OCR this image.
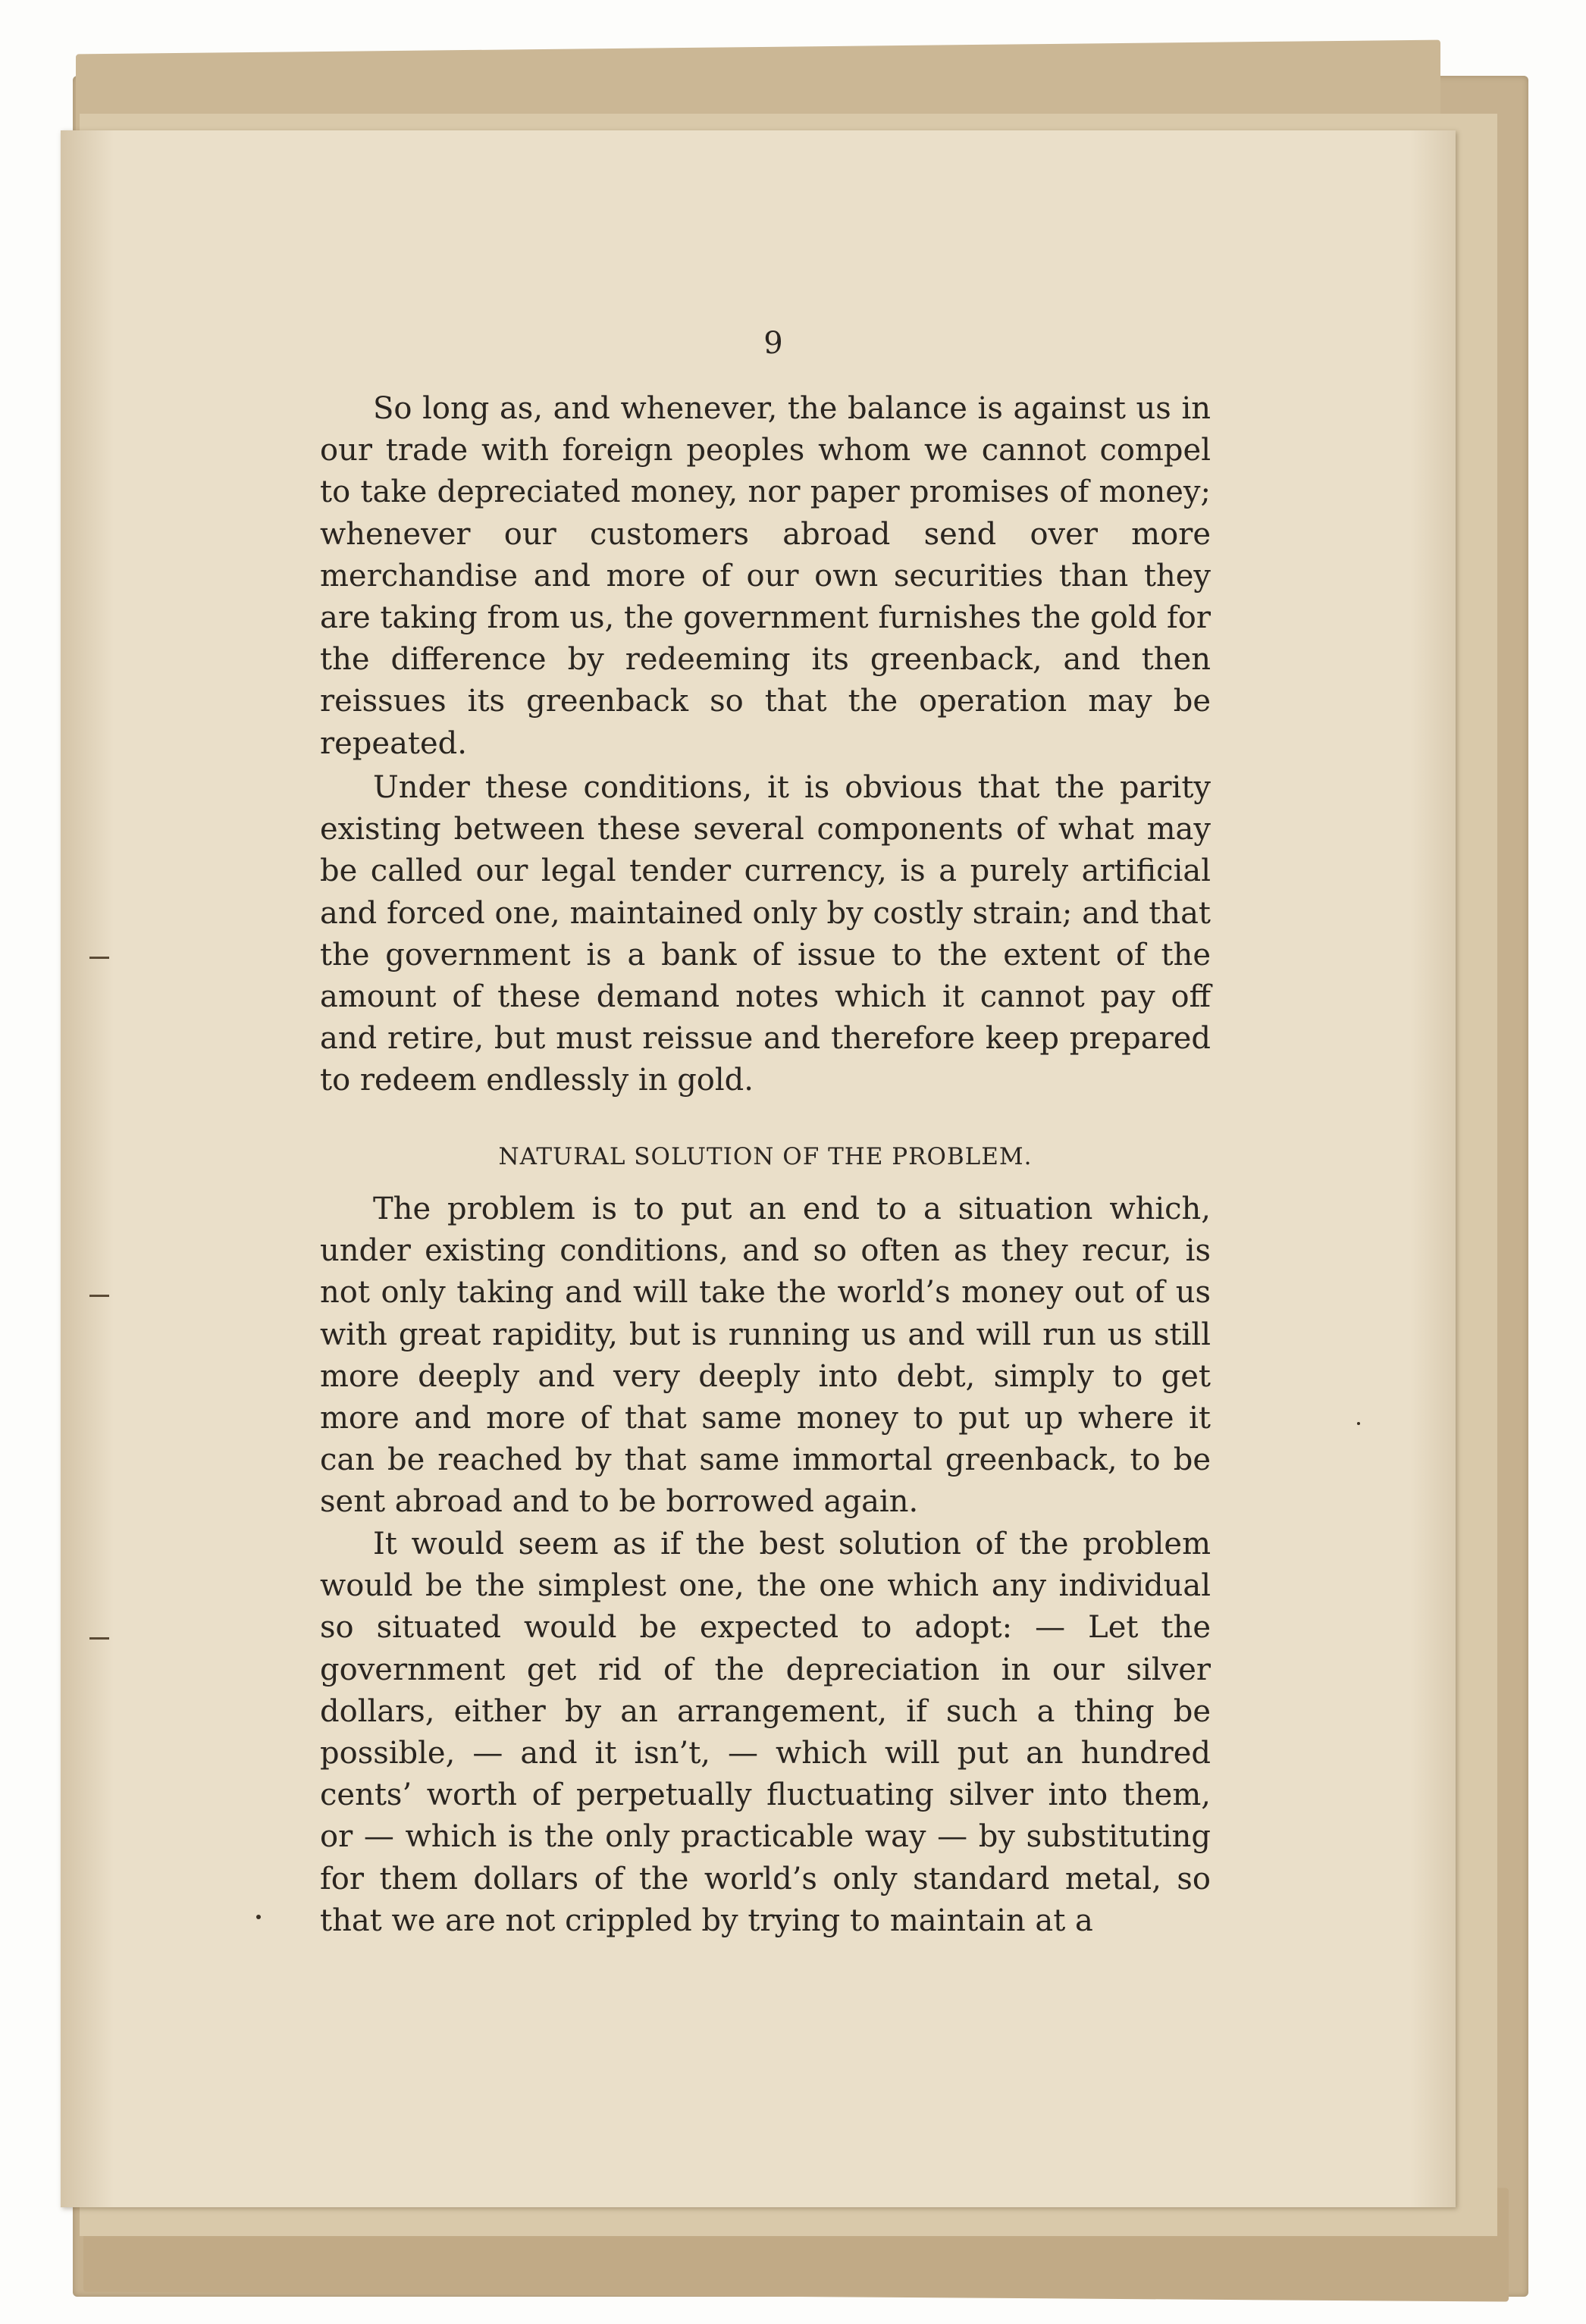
9

So long as, and whenever, the balance is against us in our trade with foreign peoples whom we cannot compel to take depreciated money, nor paper promises of money; whenever our customers abroad send over more merchandise and more of our own securities than they are taking from us, the government furnishes the gold for the difference by redeeming its greenback, and then reissues its greenback so that the operation may be repeated.

Under these conditions, it is obvious that the parity existing between these several components of what may be called our legal tender currency, is a purely artificial and forced one, maintained only by costly strain; and that the government is a bank of issue to the extent of the amount of these demand notes which it cannot pay off and retire, but must reissue and therefore keep prepared to redeem endlessly in gold.

NATURAL SOLUTION OF THE PROBLEM.

The problem is to put an end to a situation which, under existing conditions, and so often as they recur, is not only taking and will take the world’s money out of us with great rapidity, but is running us and will run us still more deeply and very deeply into debt, simply to get more and more of that same money to put up where it can be reached by that same immortal greenback, to be sent abroad and to be borrowed again.

It would seem as if the best solution of the problem would be the simplest one, the one which any individual so situated would be expected to adopt: — Let the government get rid of the depreciation in our silver dollars, either by an arrangement, if such a thing be possible, — and it isn’t, — which will put an hundred cents’ worth of perpetually fluctuating silver into them, or — which is the only practicable way — by substituting for them dollars of the world’s only standard metal, so that we are not crippled by trying to maintain at a
